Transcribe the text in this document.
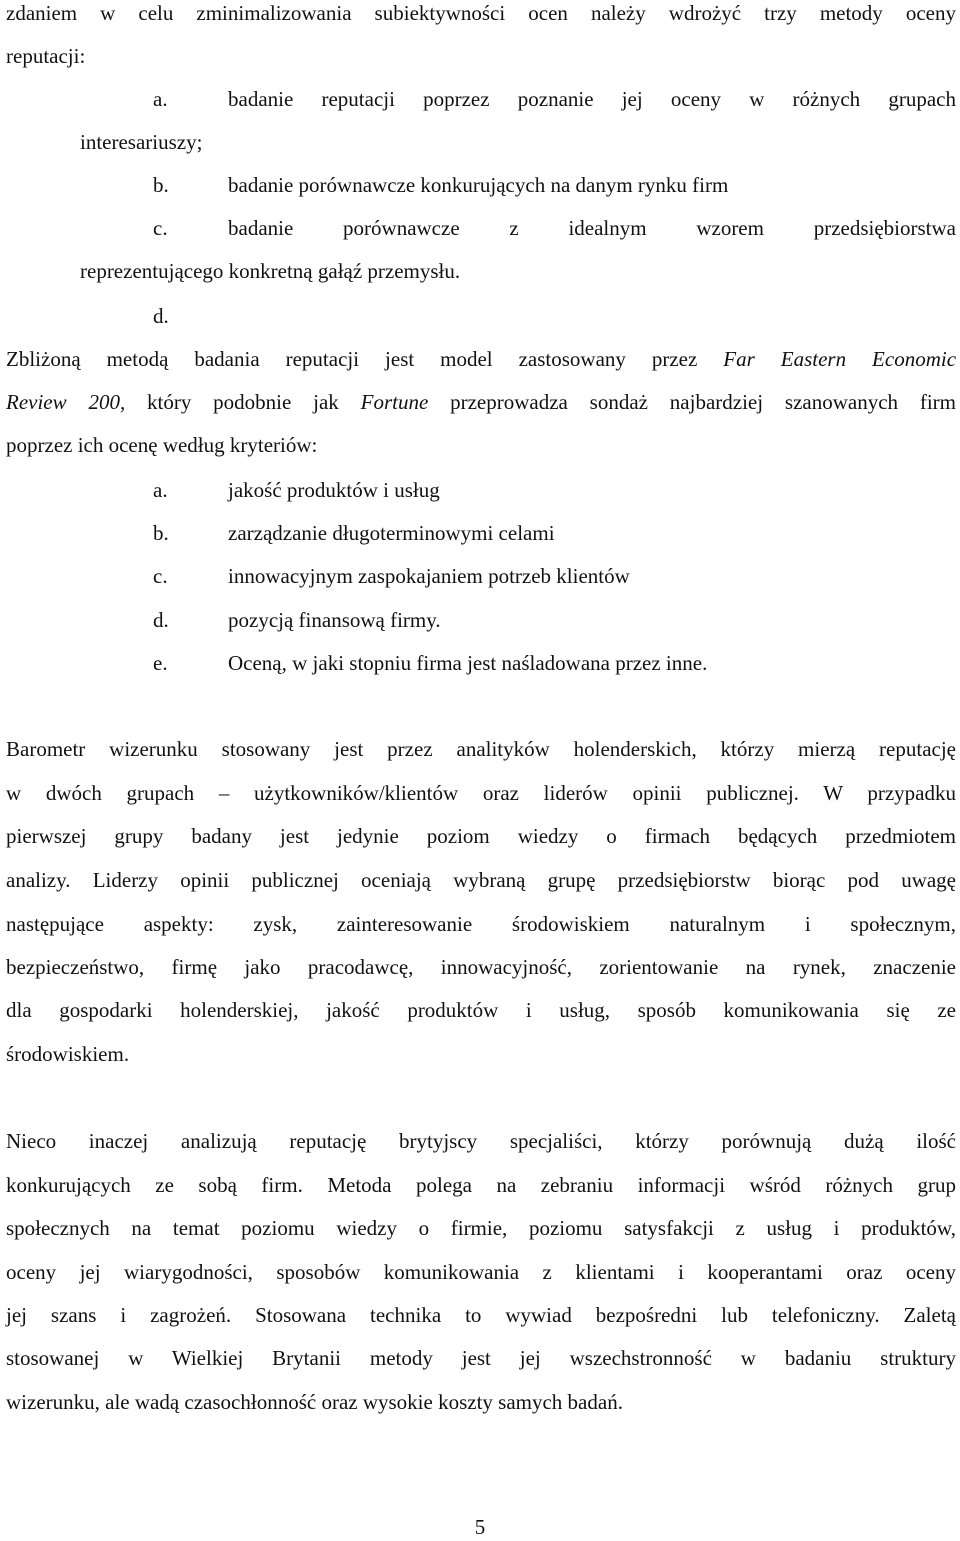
zdaniem w celu zminimalizowania subiektywności ocen należy wdrożyć trzy metody oceny
reputacji:
a.	badanie reputacji poprzez poznanie jej oceny w różnych grupach
interesariuszy;
b.	badanie porównawcze konkurujących na danym rynku firm
c.	badanie porównawcze z idealnym wzorem przedsiębiorstwa
reprezentującego konkretną gałąź przemysłu.
d.
Zbliżoną metodą badania reputacji jest model zastosowany przez Far Eastern Economic
Review 200, który podobnie jak Fortune przeprowadza sondaż najbardziej szanowanych firm
poprzez ich ocenę według kryteriów:
a.	jakość produktów i usług
b.	zarządzanie długoterminowymi celami
c.	innowacyjnym zaspokajaniem potrzeb klientów
d.	pozycją finansową firmy.
e.	Oceną, w jaki stopniu firma jest naśladowana przez inne.
Barometr wizerunku stosowany jest przez analityków holenderskich, którzy mierzą reputację
w dwóch grupach – użytkowników/klientów oraz liderów opinii publicznej. W przypadku
pierwszej grupy badany jest jedynie poziom wiedzy o firmach będących przedmiotem
analizy. Liderzy opinii publicznej oceniają wybraną grupę przedsiębiorstw biorąc pod uwagę
następujące aspekty: zysk, zainteresowanie środowiskiem naturalnym i społecznym,
bezpieczeństwo, firmę jako pracodawcę, innowacyjność, zorientowanie na rynek, znaczenie
dla gospodarki holenderskiej, jakość produktów i usług, sposób komunikowania się ze
środowiskiem.
Nieco inaczej analizują reputację brytyjscy specjaliści, którzy porównują dużą ilość
konkurujących ze sobą firm. Metoda polega na zebraniu informacji wśród różnych grup
społecznych na temat poziomu wiedzy o firmie, poziomu satysfakcji z usług i produktów,
oceny jej wiarygodności, sposobów komunikowania z klientami i kooperantami oraz oceny
jej szans i zagrożeń. Stosowana technika to wywiad bezpośredni lub telefoniczny. Zaletą
stosowanej w Wielkiej Brytanii metody jest jej wszechstronność w badaniu struktury
wizerunku, ale wadą czasochłonność oraz wysokie koszty samych badań.
5
